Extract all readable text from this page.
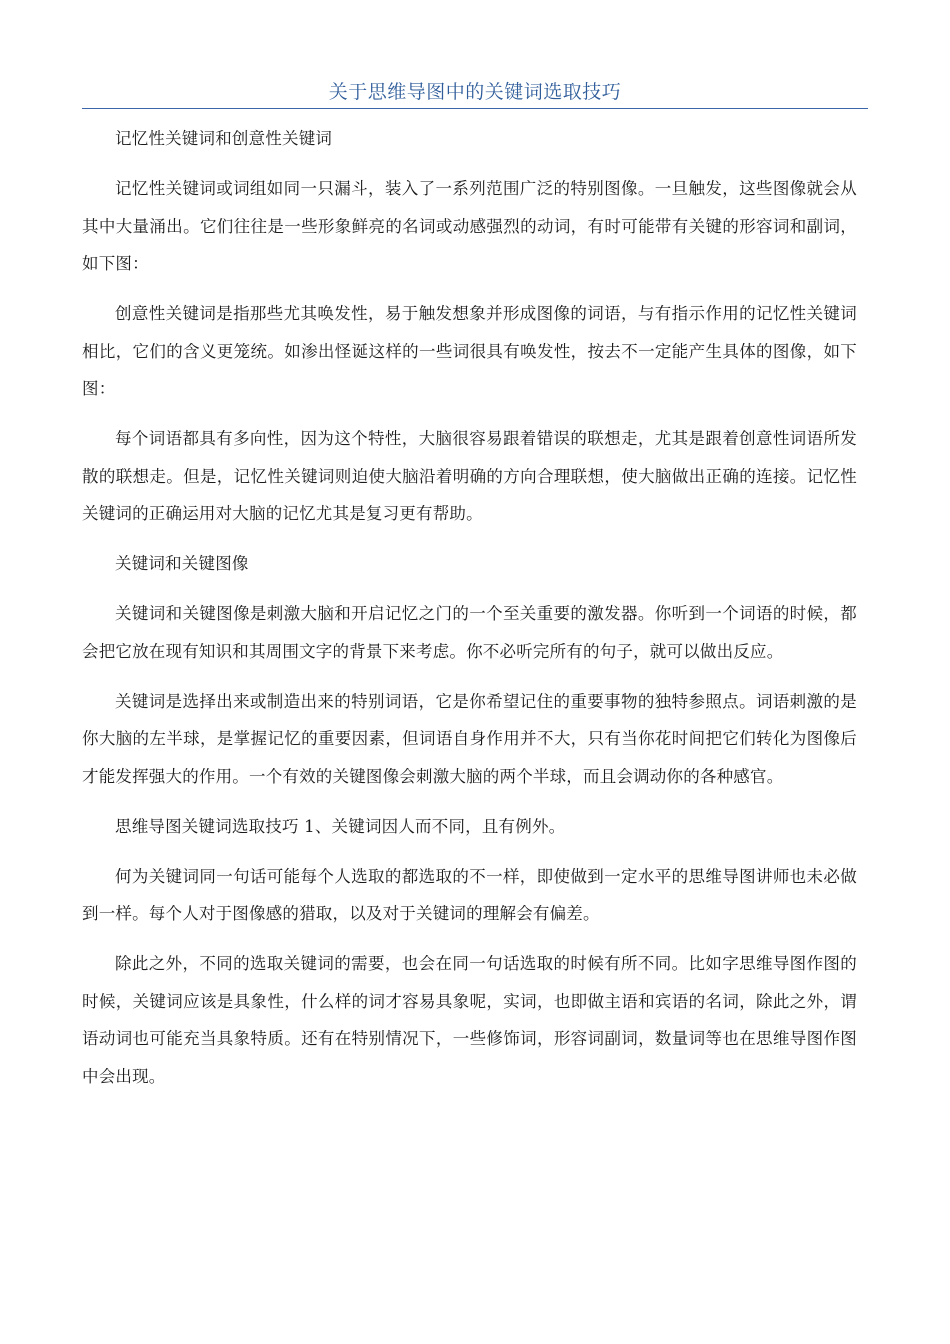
关于思维导图中的关键词选取技巧

记忆性关键词和创意性关键词

记忆性关键词或词组如同一只漏斗，装入了一系列范围广泛的特别图像。一旦触发，这些图像就会从其中大量涌出。它们往往是一些形象鲜亮的名词或动感强烈的动词，有时可能带有关键的形容词和副词，如下图：

创意性关键词是指那些尤其唤发性，易于触发想象并形成图像的词语，与有指示作用的记忆性关键词相比，它们的含义更笼统。如渗出怪诞这样的一些词很具有唤发性，按去不一定能产生具体的图像，如下图：

每个词语都具有多向性，因为这个特性，大脑很容易跟着错误的联想走，尤其是跟着创意性词语所发散的联想走。但是，记忆性关键词则迫使大脑沿着明确的方向合理联想，使大脑做出正确的连接。记忆性关键词的正确运用对大脑的记忆尤其是复习更有帮助。

关键词和关键图像

关键词和关键图像是刺激大脑和开启记忆之门的一个至关重要的激发器。你听到一个词语的时候，都会把它放在现有知识和其周围文字的背景下来考虑。你不必听完所有的句子，就可以做出反应。

关键词是选择出来或制造出来的特别词语，它是你希望记住的重要事物的独特参照点。词语刺激的是你大脑的左半球，是掌握记忆的重要因素，但词语自身作用并不大，只有当你花时间把它们转化为图像后才能发挥强大的作用。一个有效的关键图像会刺激大脑的两个半球，而且会调动你的各种感官。

思维导图关键词选取技巧 1、关键词因人而不同，且有例外。

何为关键词同一句话可能每个人选取的都选取的不一样，即使做到一定水平的思维导图讲师也未必做到一样。每个人对于图像感的猎取，以及对于关键词的理解会有偏差。

除此之外，不同的选取关键词的需要，也会在同一句话选取的时候有所不同。比如字思维导图作图的时候，关键词应该是具象性，什么样的词才容易具象呢，实词，也即做主语和宾语的名词，除此之外，谓语动词也可能充当具象特质。还有在特别情况下，一些修饰词，形容词副词，数量词等也在思维导图作图中会出现。
